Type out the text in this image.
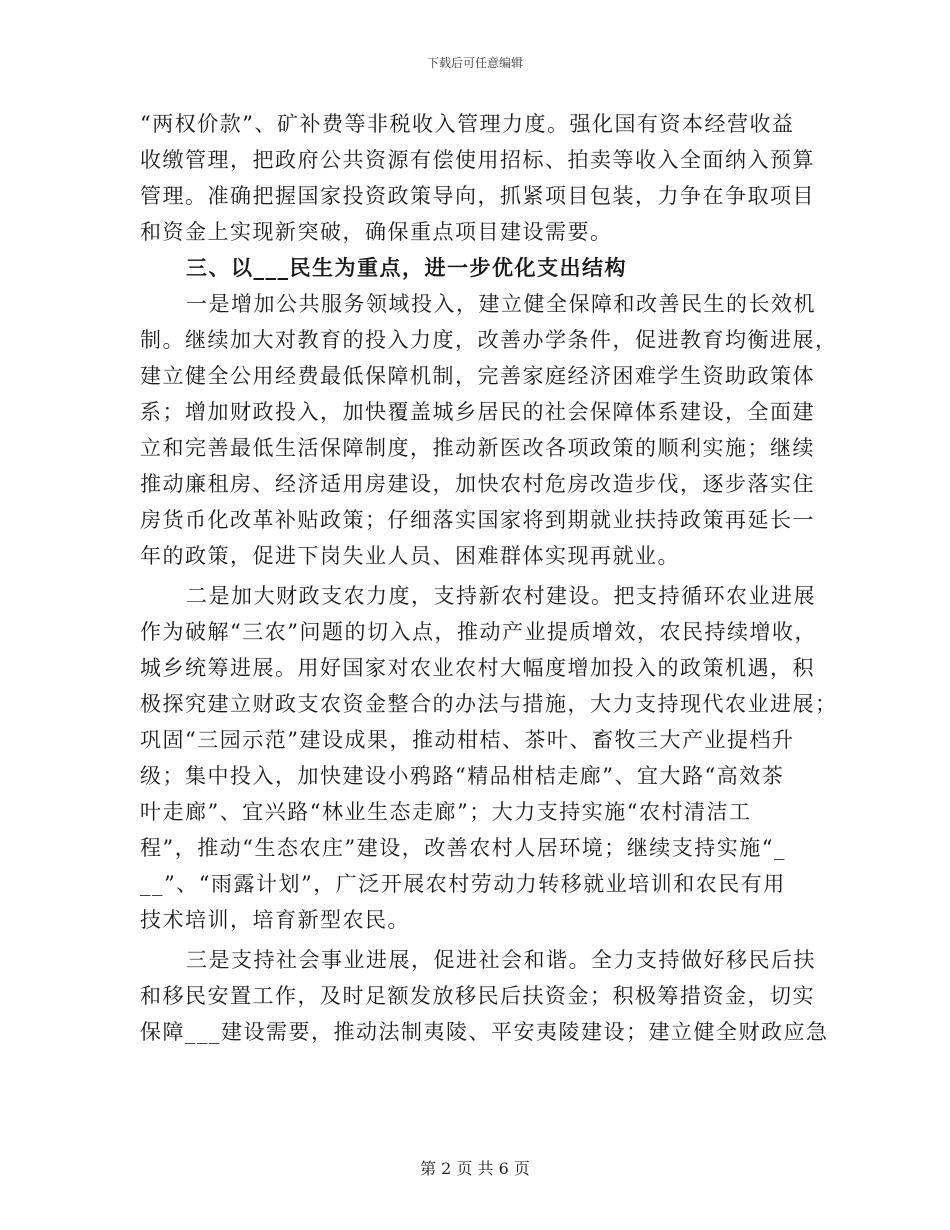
下载后可任意编辑
“两权价款”、矿补费等非税收入管理力度。强化国有资本经营收益
收缴管理，把政府公共资源有偿使用招标、拍卖等收入全面纳入预算
管理。准确把握国家投资政策导向，抓紧项目包装，力争在争取项目
和资金上实现新突破，确保重点项目建设需要。
三、以___民生为重点，进一步优化支出结构
一是增加公共服务领域投入，建立健全保障和改善民生的长效机
制。继续加大对教育的投入力度，改善办学条件，促进教育均衡进展，
建立健全公用经费最低保障机制，完善家庭经济困难学生资助政策体
系；增加财政投入，加快覆盖城乡居民的社会保障体系建设，全面建
立和完善最低生活保障制度，推动新医改各项政策的顺利实施；继续
推动廉租房、经济适用房建设，加快农村危房改造步伐，逐步落实住
房货币化改革补贴政策；仔细落实国家将到期就业扶持政策再延长一
年的政策，促进下岗失业人员、困难群体实现再就业。
二是加大财政支农力度，支持新农村建设。把支持循环农业进展
作为破解“三农”问题的切入点，推动产业提质增效，农民持续增收，
城乡统筹进展。用好国家对农业农村大幅度增加投入的政策机遇，积
极探究建立财政支农资金整合的办法与措施，大力支持现代农业进展；
巩固“三园示范”建设成果，推动柑桔、茶叶、畜牧三大产业提档升
级；集中投入，加快建设小鸦路“精品柑桔走廊”、宜大路“高效茶
叶走廊”、宜兴路“林业生态走廊”；大力支持实施“农村清洁工
程”，推动“生态农庄”建设，改善农村人居环境；继续支持实施“_
__”、“雨露计划”，广泛开展农村劳动力转移就业培训和农民有用
技术培训，培育新型农民。
三是支持社会事业进展，促进社会和谐。全力支持做好移民后扶
和移民安置工作，及时足额发放移民后扶资金；积极筹措资金，切实
保障___建设需要，推动法制夷陵、平安夷陵建设；建立健全财政应急
第 2 页 共 6 页
